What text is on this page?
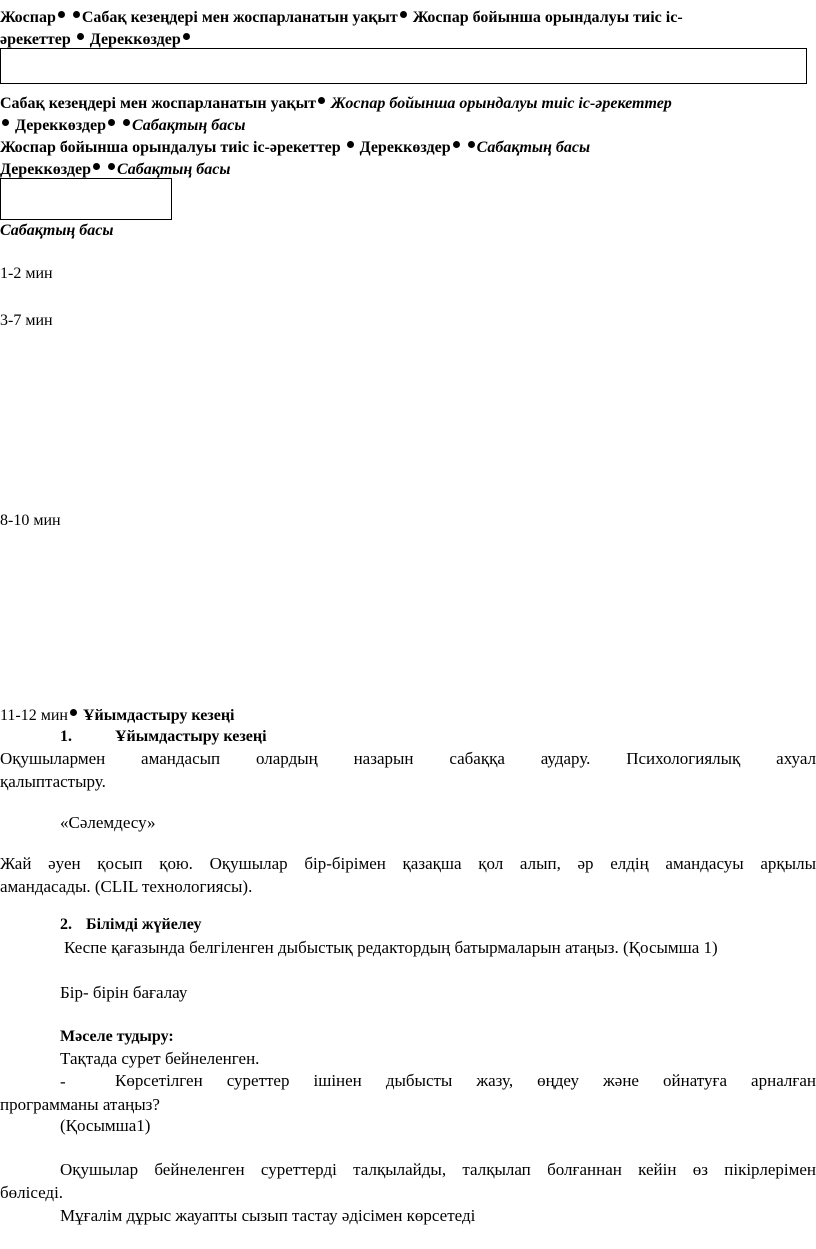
Жоспар Сабақ кезеңдері мен жоспарланатын уақыт Жоспар бойынша орындалуы тиіс іс-
әрекеттер Дереккөздер
Сабақ кезеңдері мен жоспарланатын уақыт Жоспар бойынша орындалуы тиіс іс-әрекеттер
Дереккөздер Сабақтың басы
Жоспар бойынша орындалуы тиіс іс-әрекеттер Дереккөздер Сабақтың басы
Дереккөздер Сабақтың басы
Сабақтың басы
1-2 мин
3-7 мин
8-10 мин
11-12 мин Ұйымдастыру кезеңі
1.	Ұйымдастыру кезеңі
Оқушылармен амандасып олардың назарын сабаққа аудару. Психологиялық ахуал
қалыптастыру.
«Сәлемдесу»
Жай әуен қосып қою. Оқушылар бір-бірімен қазақша қол алып, әр елдің амандасуы арқылы
амандасады. (CLIL технологиясы).
2. Білімді жүйелеу
Кеспе қағазында белгіленген дыбыстық редактордың батырмаларын атаңыз. (Қосымша 1)
Бір- бірін бағалау
Мәселе тудыру:
Тақтада сурет бейнеленген.
-	Көрсетілген суреттер ішінен дыбысты жазу, өңдеу және ойнатуға арналған
программаны атаңыз?
(Қосымша1)
Оқушылар бейнеленген суреттерді талқылайды, талқылап болғаннан кейін өз пікірлерімен
бөліседі.
Мұғалім дұрыс жауапты сызып тастау әдісімен көрсетеді
